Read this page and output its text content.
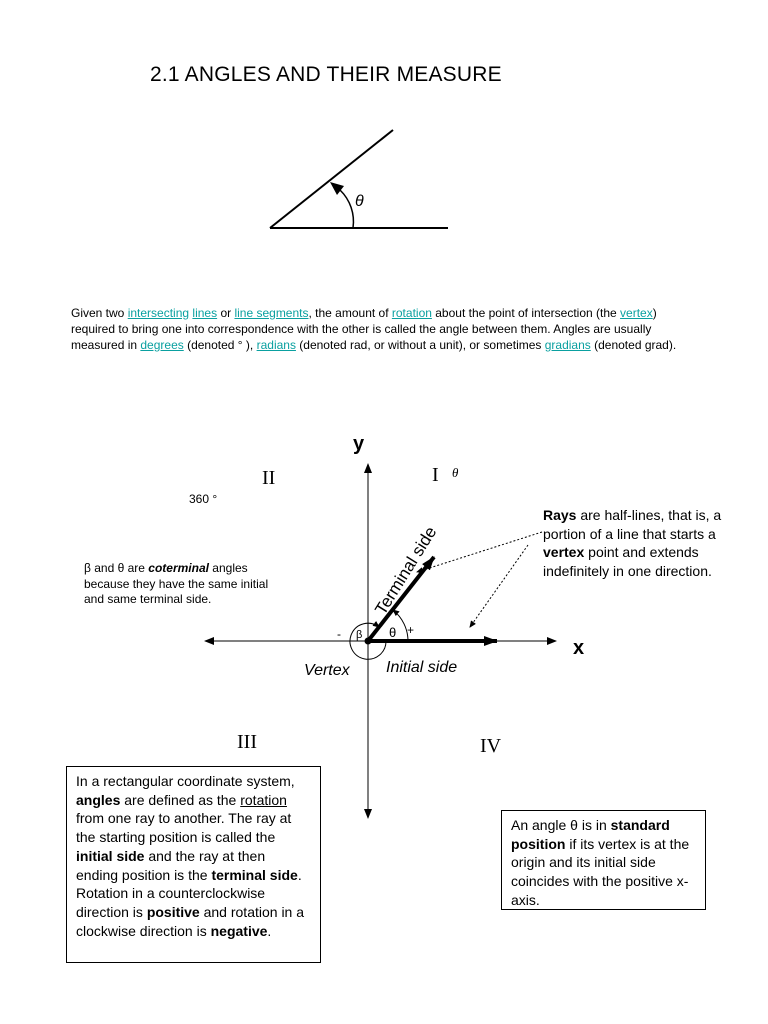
2.1 ANGLES AND THEIR MEASURE
θ
Given two intersecting lines or line segments, the amount of rotation about the point of intersection (the vertex) required to bring one into correspondence with the other is called the angle between them. Angles are usually measured in degrees (denoted ° ), radians (denoted rad, or without a unit), or sometimes gradians (denoted grad).
y
x
Terminal side
Initial side
Vertex
θ
β	+
-
II	I θ
III	IV
360 °
β and θ are coterminal angles because they have the same initial and same terminal side.
Rays are half-lines, that is, a portion of a line that starts a vertex point and extends indefinitely in one direction.
In a rectangular coordinate system, angles are defined as the rotation from one ray to another. The ray at the starting position is called the initial side and the ray at then ending position is the terminal side. Rotation in a counterclockwise direction is positive and rotation in a clockwise direction is negative.
An angle θ is in standard position if its vertex is at the origin and its initial side coincides with the positive x-axis.
